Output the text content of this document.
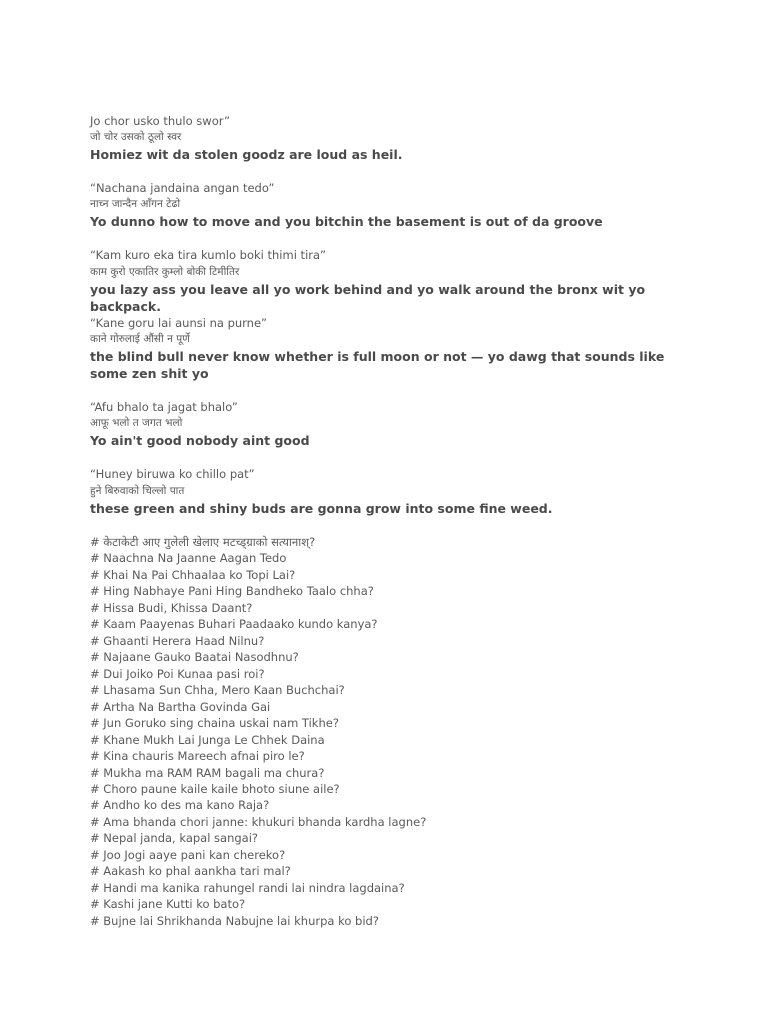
Jo chor usko thulo swor”
जो चोर उसको ठूलो स्वर
Homiez wit da stolen goodz are loud as heil.
“Nachana jandaina angan tedo”
नाच्न जान्दैन आँगन टेढो
Yo dunno how to move and you bitchin the basement is out of da groove
“Kam kuro eka tira kumlo boki thimi tira”
काम कुरो एकातिर कुम्लो बोकी टिमीतिर
you lazy ass you leave all yo work behind and yo walk around the bronx wit yo backpack.
“Kane goru lai aunsi na purne”
काने गोरुलाई औंसी न पूर्णे
the blind bull never know whether is full moon or not — yo dawg that sounds like some zen shit yo
“Afu bhalo ta jagat bhalo”
आफू भलो त जगत भलो
Yo ain't good nobody aint good
“Huney biruwa ko chillo pat”
हुने बिरुवाको चिल्लो पात
these green and shiny buds are gonna grow into some fine weed.
# केटाकेटी आए गुलेली खेलाए मटच्ड्ग्राको सत्यानाश्?
# Naachna Na Jaanne Aagan Tedo
# Khai Na Pai Chhaalaa ko Topi Lai?
# Hing Nabhaye Pani Hing Bandheko Taalo chha?
# Hissa Budi, Khissa Daant?
# Kaam Paayenas Buhari Paadaako kundo kanya?
# Ghaanti Herera Haad Nilnu?
# Najaane Gauko Baatai Nasodhnu?
# Dui Joiko Poi Kunaa pasi roi?
# Lhasama Sun Chha, Mero Kaan Buchchai?
# Artha Na Bartha Govinda Gai
# Jun Goruko sing chaina uskai nam Tikhe?
# Khane Mukh Lai Junga Le Chhek Daina
# Kina chauris Mareech afnai piro le?
# Mukha ma RAM RAM bagali ma chura?
# Choro paune kaile kaile bhoto siune aile?
# Andho ko des ma kano Raja?
# Ama bhanda chori janne: khukuri bhanda kardha lagne?
# Nepal janda, kapal sangai?
# Joo Jogi aaye pani kan chereko?
# Aakash ko phal aankha tari mal?
# Handi ma kanika rahungel randi lai nindra lagdaina?
# Kashi jane Kutti ko bato?
# Bujne lai Shrikhanda Nabujne lai khurpa ko bid?
